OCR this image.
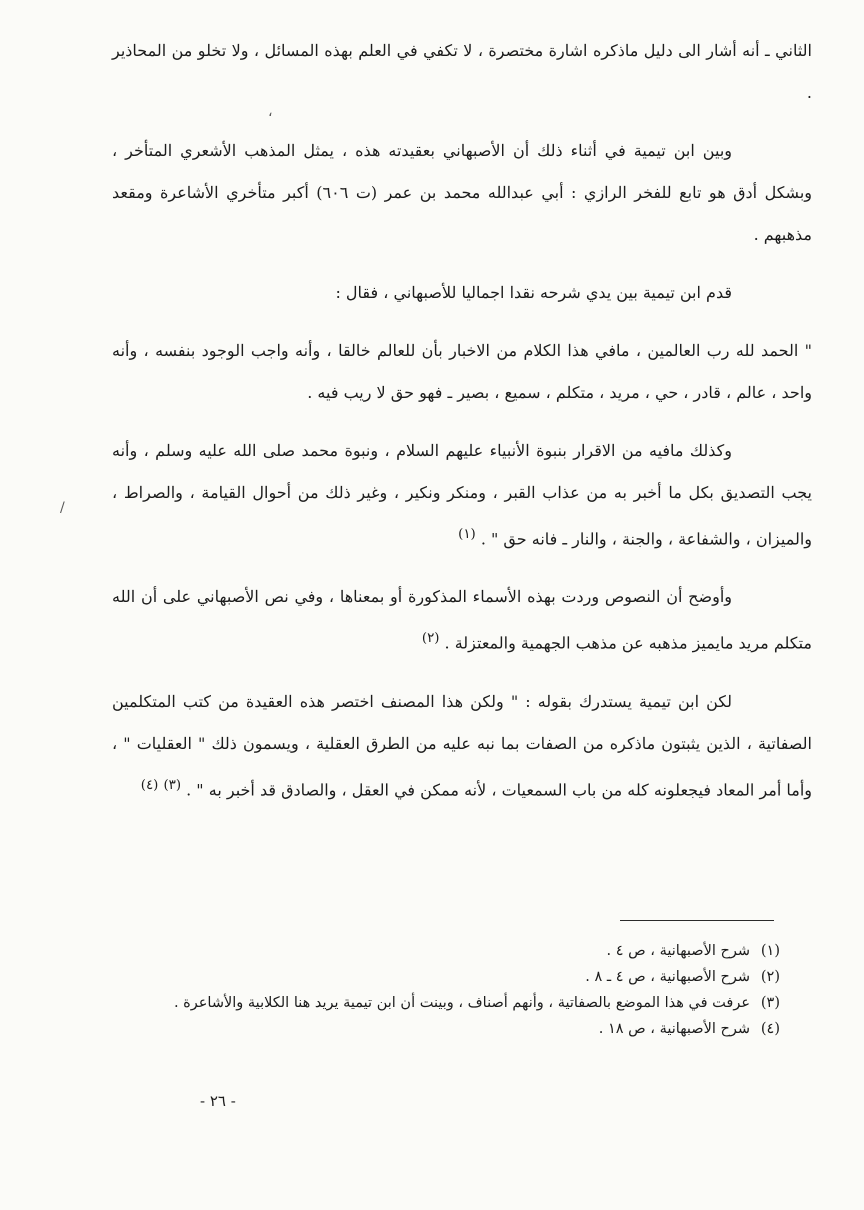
الثاني ـ أنه أشار الى دليل ماذكره اشارة مختصرة ، لا تكفي في العلم بهذه المسائل ، ولا تخلو من المحاذير .

وبين ابن تيمية في أثناء ذلك أن الأصبهاني بعقيدته هذه ، يمثل المذهب الأشعري المتأخر ، وبشكل أدق هو تابع للفخر الرازي : أبي عبدالله محمد بن عمر (ت ٦٠٦) أكبر متأخري الأشاعرة ومقعد مذهبهم .

قدم ابن تيمية بين يدي شرحه نقدا اجماليا للأصبهاني ، فقال :

" الحمد لله رب العالمين ، مافي هذا الكلام من الاخبار بأن للعالم خالقا ، وأنه واجب الوجود بنفسه ، وأنه واحد ، عالم ، قادر ، حي ، مريد ، متكلم ، سميع ، بصير ـ فهو حق لا ريب فيه .

وكذلك مافيه من الاقرار بنبوة الأنبياء عليهم السلام ، ونبوة محمد صلى الله عليه وسلم ، وأنه يجب التصديق بكل ما أخبر به من عذاب القبر ، ومنكر ونكير ، وغير ذلك من أحوال القيامة ، والصراط ، والميزان ، والشفاعة ، والجنة ، والنار ـ فانه حق " . $^{(١)}$

وأوضح أن النصوص وردت بهذه الأسماء المذكورة أو بمعناها ، وفي نص الأصبهاني على أن الله متكلم مريد مايميز مذهبه عن مذهب الجهمية والمعتزلة . $^{(٢)}$

لكن ابن تيمية يستدرك بقوله : " ولكن هذا المصنف اختصر هذه العقيدة من كتب المتكلمين الصفاتية ، الذين يثبتون ماذكره من الصفات بما نبه عليه من الطرق العقلية ، ويسمون ذلك " العقليات " ، وأما أمر المعاد فيجعلونه كله من باب السمعيات ، لأنه ممكن في العقل ، والصادق قد أخبر به " . $^{(٣)}$ $^{(٤)}$

(١)
شرح الأصبهانية ، ص ٤ .
(٢)
شرح الأصبهانية ، ص ٤ ـ ٨ .
(٣)
عرفت في هذا الموضع بالصفاتية ، وأنهم أصناف ، وبينت أن ابن تيمية يريد هنا الكلابية والأشاعرة .
(٤)
شرح الأصبهانية ، ص ١٨ .
- ٢٦ -
،
/
